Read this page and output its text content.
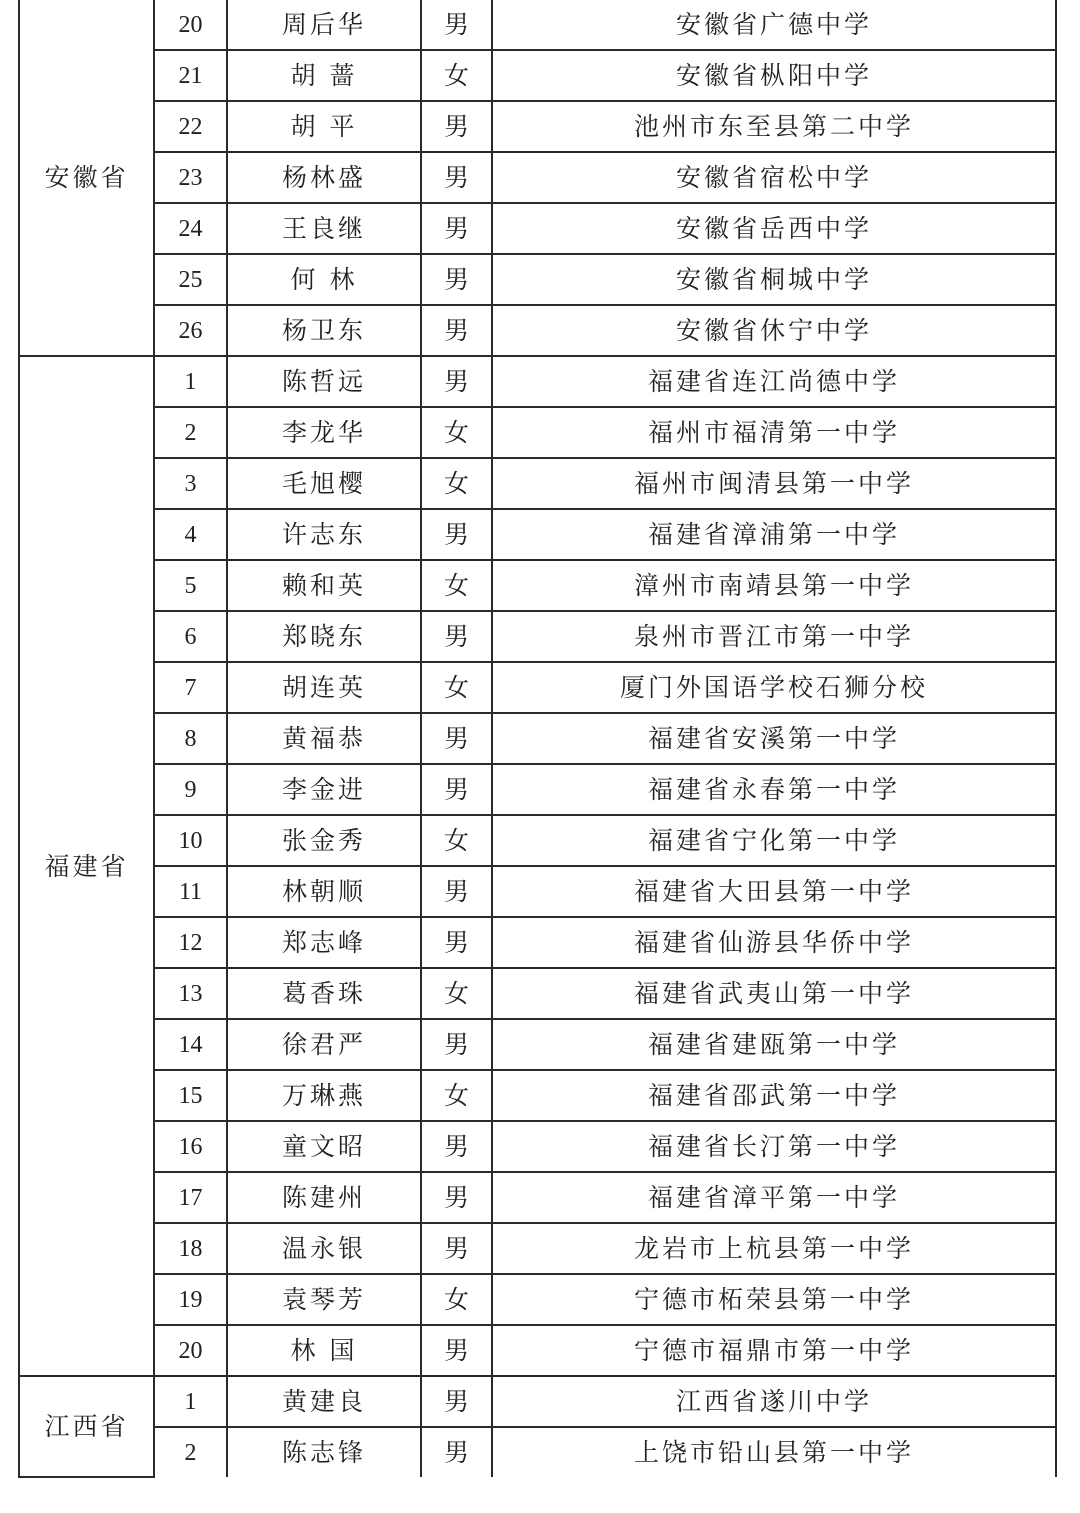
安徽省	20	周后华	男	安徽省广德中学
	21	胡 蔷	女	安徽省枞阳中学
	22	胡 平	男	池州市东至县第二中学
	23	杨林盛	男	安徽省宿松中学
	24	王良继	男	安徽省岳西中学
	25	何 林	男	安徽省桐城中学
	26	杨卫东	男	安徽省休宁中学
福建省	1	陈哲远	男	福建省连江尚德中学
	2	李龙华	女	福州市福清第一中学
	3	毛旭樱	女	福州市闽清县第一中学
	4	许志东	男	福建省漳浦第一中学
	5	赖和英	女	漳州市南靖县第一中学
	6	郑晓东	男	泉州市晋江市第一中学
	7	胡连英	女	厦门外国语学校石狮分校
	8	黄福恭	男	福建省安溪第一中学
	9	李金进	男	福建省永春第一中学
	10	张金秀	女	福建省宁化第一中学
	11	林朝顺	男	福建省大田县第一中学
	12	郑志峰	男	福建省仙游县华侨中学
	13	葛香珠	女	福建省武夷山第一中学
	14	徐君严	男	福建省建瓯第一中学
	15	万琳燕	女	福建省邵武第一中学
	16	童文昭	男	福建省长汀第一中学
	17	陈建州	男	福建省漳平第一中学
	18	温永银	男	龙岩市上杭县第一中学
	19	袁琴芳	女	宁德市柘荣县第一中学
	20	林 国	男	宁德市福鼎市第一中学
江西省	1	黄建良	男	江西省遂川中学
	2	陈志锋	男	上饶市铅山县第一中学
